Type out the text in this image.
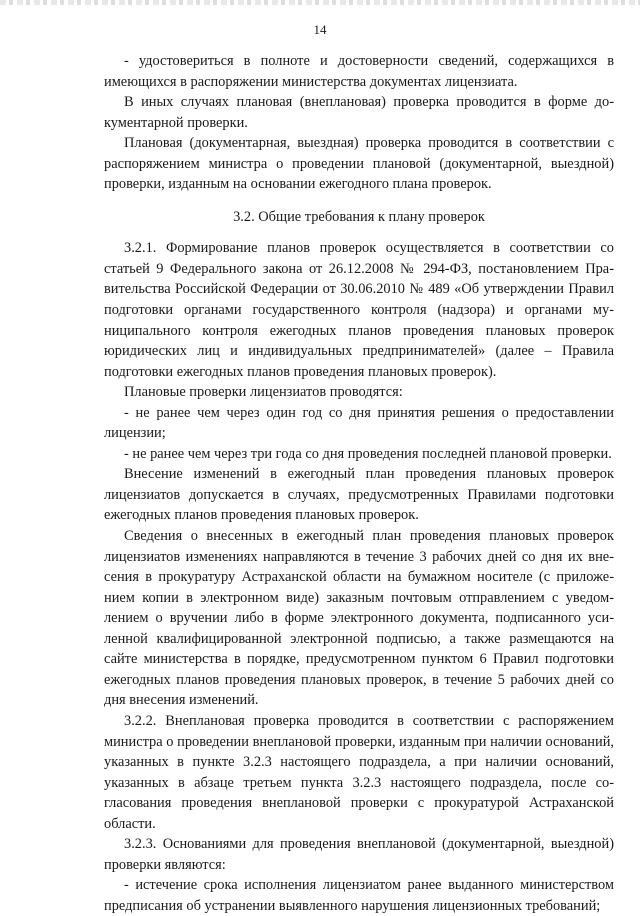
14

- удостовериться в полноте и достоверности сведений, содержащихся в имеющихся в распоряжении министерства документах лицензиата.

В иных случаях плановая (внеплановая) проверка проводится в форме документарной проверки.

Плановая (документарная, выездная) проверка проводится в соответствии с распоряжением министра о проведении плановой (документарной, выездной) проверки, изданным на основании ежегодного плана проверок.

3.2. Общие требования к плану проверок

3.2.1. Формирование планов проверок осуществляется в соответствии со статьей 9 Федерального закона от 26.12.2008 № 294-ФЗ, постановлением Правительства Российской Федерации от 30.06.2010 № 489 «Об утверждении Правил подготовки органами государственного контроля (надзора) и органами муниципального контроля ежегодных планов проведения плановых проверок юридических лиц и индивидуальных предпринимателей» (далее – Правила подготовки ежегодных планов проведения плановых проверок).

Плановые проверки лицензиатов проводятся:

- не ранее чем через один год со дня принятия решения о предоставлении лицензии;

- не ранее чем через три года со дня проведения последней плановой проверки.

Внесение изменений в ежегодный план проведения плановых проверок лицензиатов допускается в случаях, предусмотренных Правилами подготовки ежегодных планов проведения плановых проверок.

Сведения о внесенных в ежегодный план проведения плановых проверок лицензиатов изменениях направляются в течение 3 рабочих дней со дня их внесения в прокуратуру Астраханской области на бумажном носителе (с приложением копии в электронном виде) заказным почтовым отправлением с уведомлением о вручении либо в форме электронного документа, подписанного усиленной квалифицированной электронной подписью, а также размещаются на сайте министерства в порядке, предусмотренном пунктом 6 Правил подготовки ежегодных планов проведения плановых проверок, в течение 5 рабочих дней со дня внесения изменений.

3.2.2. Внеплановая проверка проводится в соответствии с распоряжением министра о проведении внеплановой проверки, изданным при наличии оснований, указанных в пункте 3.2.3 настоящего подраздела, а при наличии оснований, указанных в абзаце третьем пункта 3.2.3 настоящего подраздела, после согласования проведения внеплановой проверки с прокуратурой Астраханской области.

3.2.3. Основаниями для проведения внеплановой (документарной, выездной) проверки являются:

- истечение срока исполнения лицензиатом ранее выданного министерством предписания об устранении выявленного нарушения лицензионных требований;
